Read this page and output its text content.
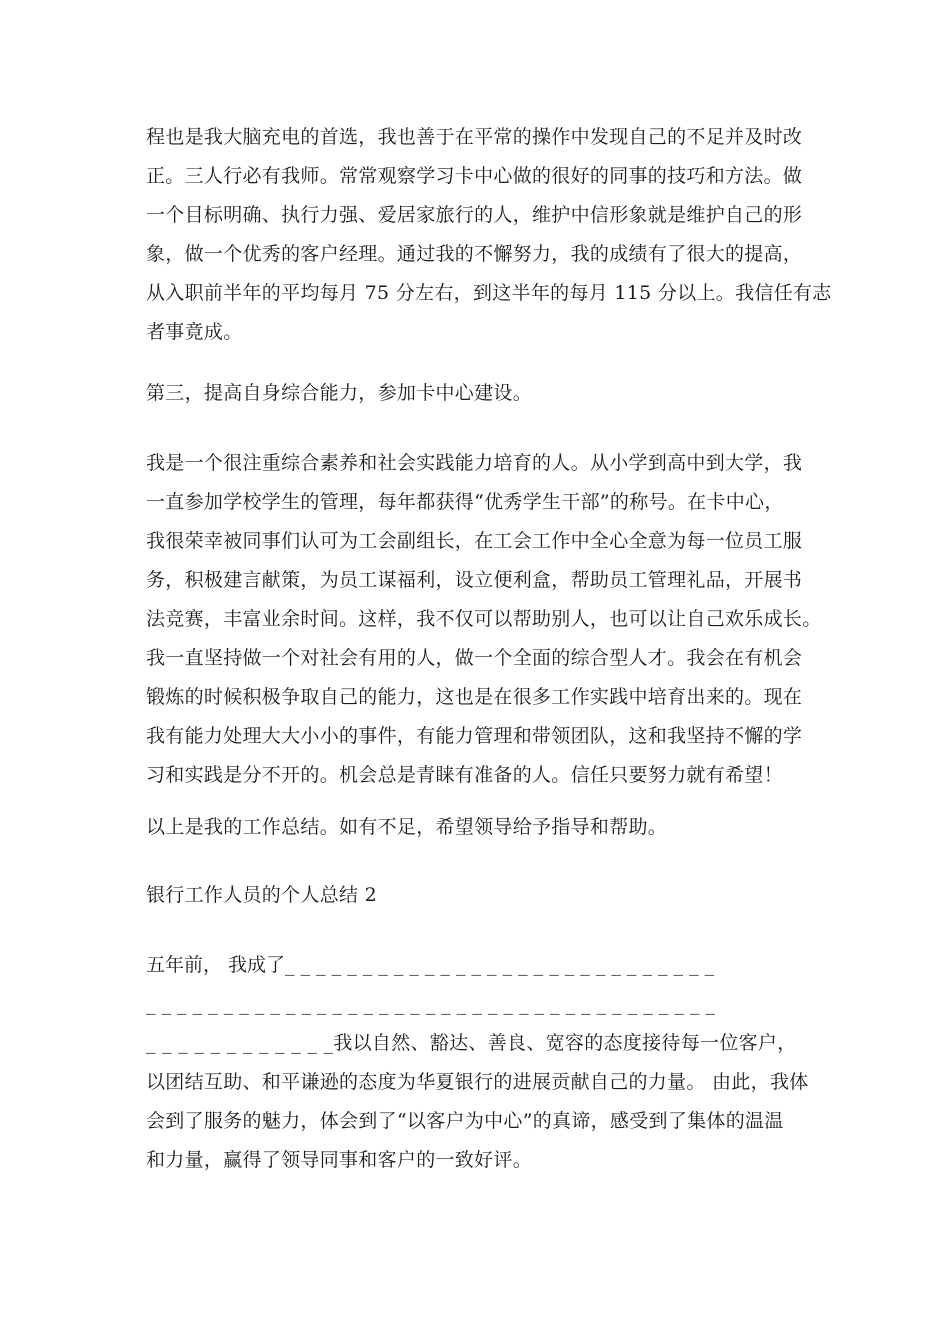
程也是我大脑充电的首选，我也善于在平常的操作中发现自己的不足并及时改
正。三人行必有我师。常常观察学习卡中心做的很好的同事的技巧和方法。做
一个目标明确、执行力强、爱居家旅行的人，维护中信形象就是维护自己的形
象，做一个优秀的客户经理。通过我的不懈努力，我的成绩有了很大的提高，
从入职前半年的平均每月 75 分左右，到这半年的每月 115 分以上。我信任有志
者事竟成。
第三，提高自身综合能力，参加卡中心建设。
我是一个很注重综合素养和社会实践能力培育的人。从小学到高中到大学，我
一直参加学校学生的管理，每年都获得“优秀学生干部”的称号。在卡中心，
我很荣幸被同事们认可为工会副组长，在工会工作中全心全意为每一位员工服
务，积极建言献策，为员工谋福利，设立便利盒，帮助员工管理礼品，开展书
法竞赛，丰富业余时间。这样，我不仅可以帮助别人，也可以让自己欢乐成长。
我一直坚持做一个对社会有用的人，做一个全面的综合型人才。我会在有机会
锻炼的时候积极争取自己的能力，这也是在很多工作实践中培育出来的。现在
我有能力处理大大小小的事件，有能力管理和带领团队，这和我坚持不懈的学
习和实践是分不开的。机会总是青睐有准备的人。信任只要努力就有希望！
以上是我的工作总结。如有不足，希望领导给予指导和帮助。
银行工作人员的个人总结 2
五年前， 我成了_ _ _ _ _ _ _ _ _ _ _ _ _ _ _ _ _ _ _ _ _ _ _ _ _ _ _ _
_ _ _ _ _ _ _ _ _ _ _ _ _ _ _ _ _ _ _ _ _ _ _ _ _ _ _ _ _ _ _ _ _ _ _ _ _
_ _ _ _ _ _ _ _ _ _ _ _我以自然、豁达、善良、宽容的态度接待每一位客户，
以团结互助、和平谦逊的态度为华夏银行的进展贡献自己的力量。 由此，我体
会到了服务的魅力，体会到了“以客户为中心”的真谛，感受到了集体的温温
和力量，赢得了领导同事和客户的一致好评。
